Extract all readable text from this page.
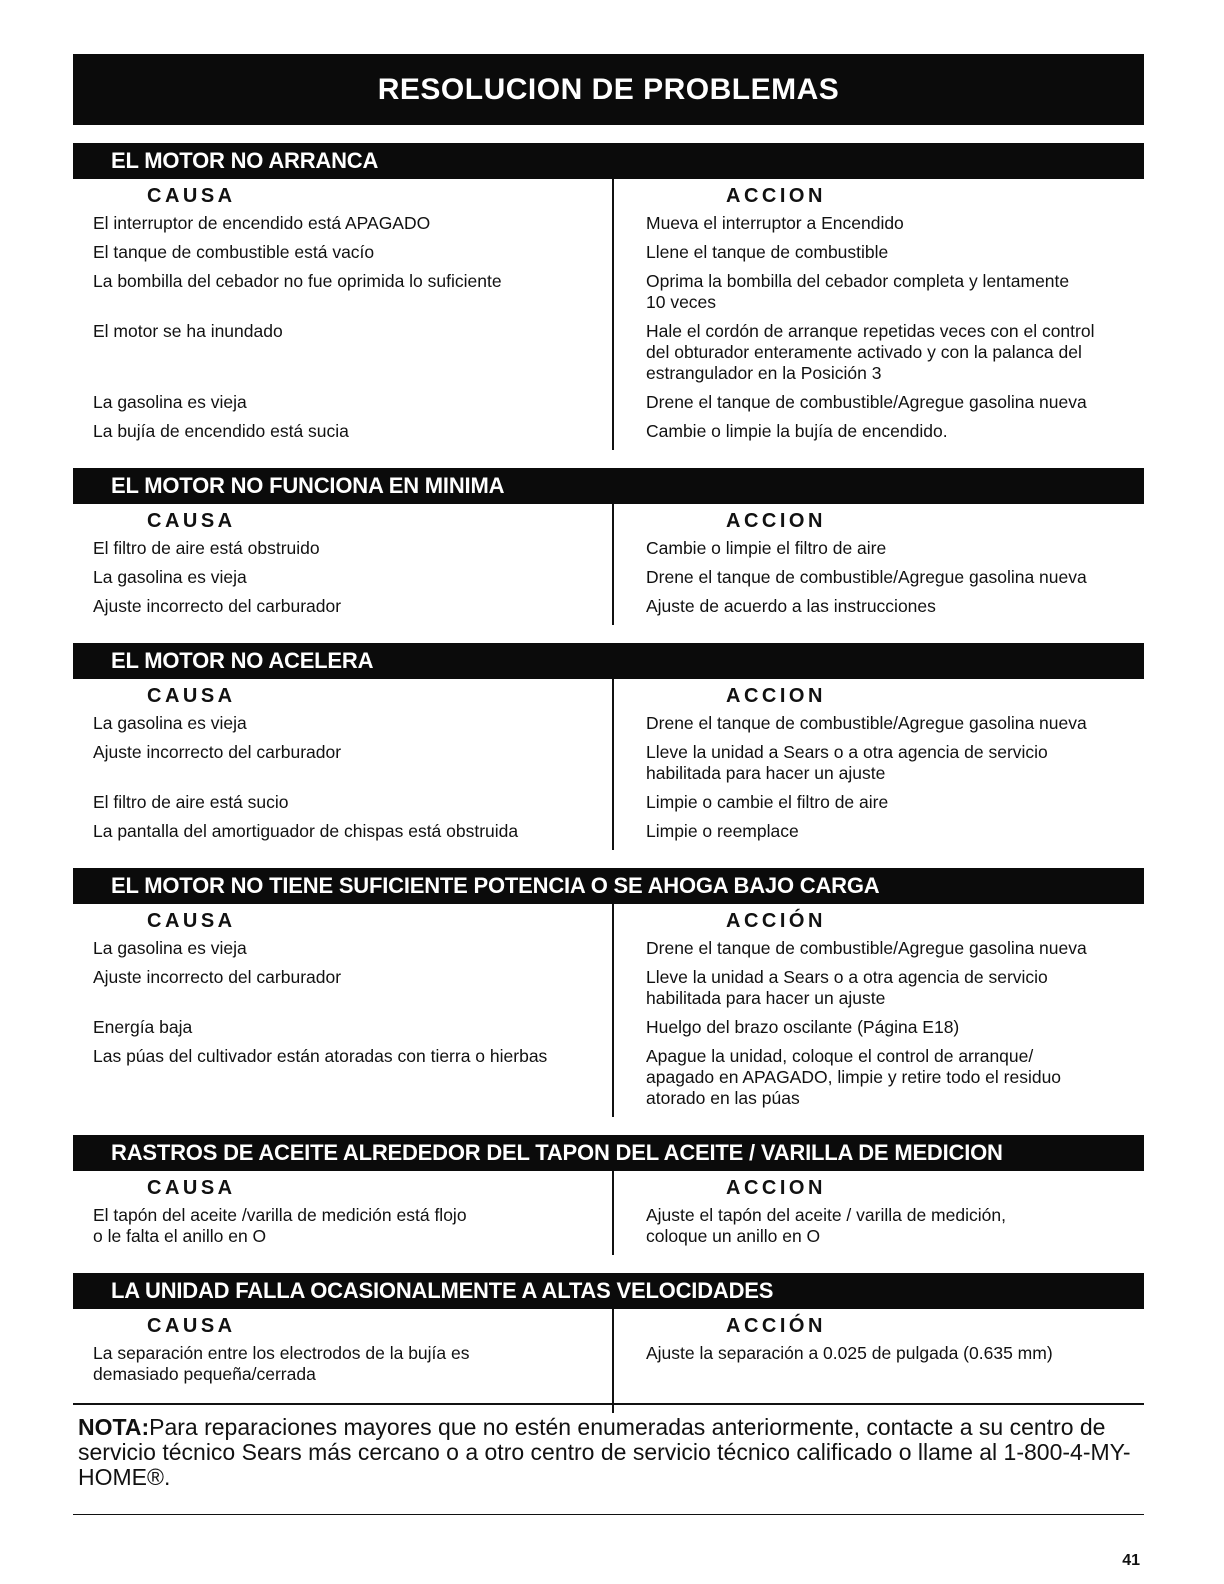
RESOLUCION DE PROBLEMAS
EL MOTOR NO ARRANCA
CAUSA
El interruptor de encendido está APAGADO
El tanque de combustible está vacío
La bombilla del cebador no fue oprimida lo suficiente
El motor se ha inundado
La gasolina es vieja
La bujía de encendido está sucia
ACCION
Mueva el interruptor a Encendido
Llene el tanque de combustible
Oprima la bombilla del cebador completa y lentamente
10 veces
Hale el cordón de arranque repetidas veces con el control
del obturador enteramente activado y con la palanca del
estrangulador en la Posición 3
Drene el tanque de combustible/Agregue gasolina nueva
Cambie o limpie la bujía de encendido.
EL MOTOR NO FUNCIONA EN MINIMA
CAUSA
El filtro de aire está obstruido
La gasolina es vieja
Ajuste incorrecto del carburador
ACCION
Cambie o limpie el filtro de aire
Drene el tanque de combustible/Agregue gasolina nueva
Ajuste de acuerdo a las instrucciones
EL MOTOR NO ACELERA
CAUSA
La gasolina es vieja
Ajuste incorrecto del carburador
El filtro de aire está sucio
La pantalla del amortiguador de chispas está obstruida
ACCION
Drene el tanque de combustible/Agregue gasolina nueva
Lleve la unidad a Sears o a otra agencia de servicio
habilitada para hacer un ajuste
Limpie o cambie el filtro de aire
Limpie o reemplace
EL MOTOR NO TIENE SUFICIENTE POTENCIA O SE AHOGA BAJO CARGA
CAUSA
La gasolina es vieja
Ajuste incorrecto del carburador
Energía baja
Las púas del cultivador están atoradas con tierra o hierbas
ACCIÓN
Drene el tanque de combustible/Agregue gasolina nueva
Lleve la unidad a Sears o a otra agencia de servicio
habilitada para hacer un ajuste
Huelgo del brazo oscilante (Página E18)
Apague la unidad, coloque el control de arranque/
apagado en APAGADO, limpie y retire todo el residuo
atorado en las púas
RASTROS DE ACEITE ALREDEDOR DEL TAPON DEL ACEITE / VARILLA DE MEDICION
CAUSA
El tapón del aceite /varilla de medición está flojo
o le falta el anillo en O
ACCION
Ajuste el tapón del aceite / varilla de medición,
coloque un anillo en O
LA UNIDAD FALLA OCASIONALMENTE A ALTAS VELOCIDADES
CAUSA
La separación entre los electrodos de la bujía es
demasiado pequeña/cerrada
ACCIÓN
Ajuste la separación a 0.025 de pulgada (0.635 mm)
NOTA:Para reparaciones mayores que no estén enumeradas anteriormente, contacte a su centro de servicio técnico Sears más cercano o a otro centro de servicio técnico calificado o llame al 1-800-4-MY-HOME®.
41
